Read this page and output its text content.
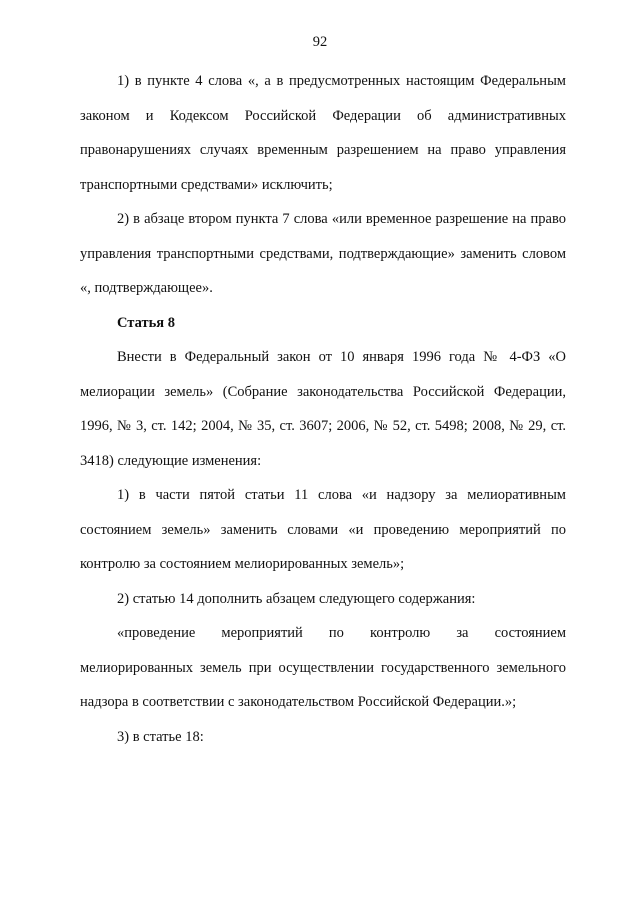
92

1) в пункте 4 слова «, а в предусмотренных настоящим Федеральным законом и Кодексом Российской Федерации об административных правонарушениях случаях временным разрешением на право управления транспортными средствами» исключить;

2) в абзаце втором пункта 7 слова «или временное разрешение на право управления транспортными средствами, подтверждающие» заменить словом «, подтверждающее».

Статья 8

Внести в Федеральный закон от 10 января 1996 года № 4-ФЗ «О мелиорации земель» (Собрание законодательства Российской Федерации, 1996, № 3, ст. 142; 2004, № 35, ст. 3607; 2006, № 52, ст. 5498; 2008, № 29, ст. 3418) следующие изменения:

1) в части пятой статьи 11 слова «и надзору за мелиоративным состоянием земель» заменить словами «и проведению мероприятий по контролю за состоянием мелиорированных земель»;

2) статью 14 дополнить абзацем следующего содержания:

«проведение мероприятий по контролю за состоянием мелиорированных земель при осуществлении государственного земельного надзора в соответствии с законодательством Российской Федерации.»;

3) в статье 18:
